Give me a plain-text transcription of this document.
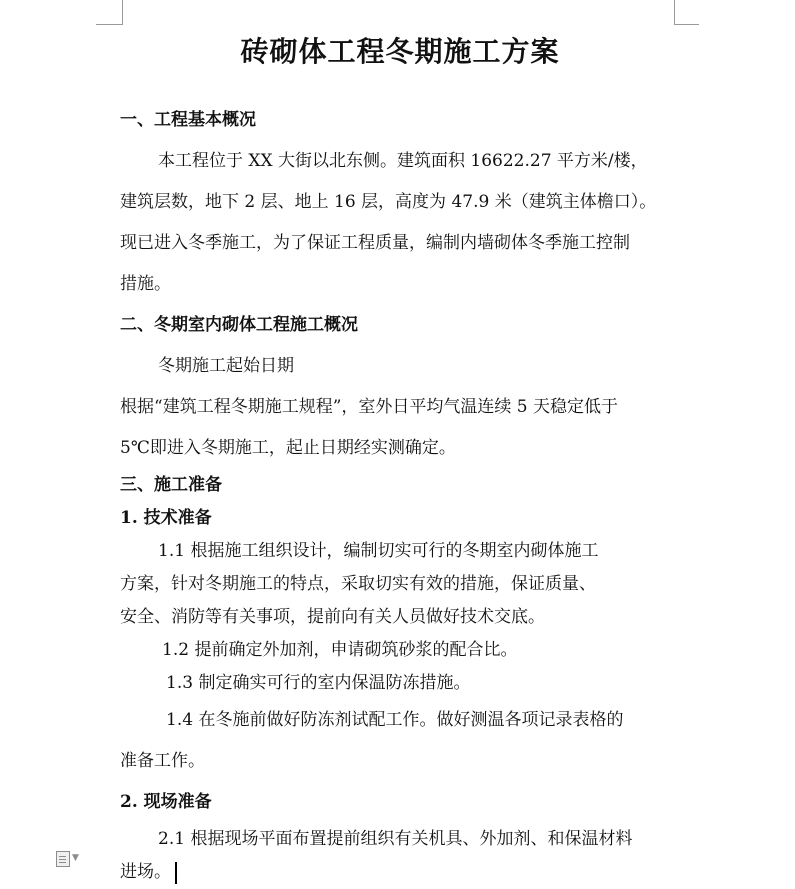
砖砌体工程冬期施工方案

一、工程基本概况

本工程位于 XX 大街以北东侧。建筑面积 16622.27 平方米/楼，

建筑层数，地下 2 层、地上 16 层，高度为 47.9 米（建筑主体檐口）。

现已进入冬季施工，为了保证工程质量，编制内墙砌体冬季施工控制

措施。

二、冬期室内砌体工程施工概况

冬期施工起始日期

根据“建筑工程冬期施工规程”，室外日平均气温连续 5 天稳定低于

5℃即进入冬期施工，起止日期经实测确定。

三、施工准备

1. 技术准备

1.1 根据施工组织设计，编制切实可行的冬期室内砌体施工

方案，针对冬期施工的特点，采取切实有效的措施，保证质量、

安全、消防等有关事项，提前向有关人员做好技术交底。

1.2 提前确定外加剂，申请砌筑砂浆的配合比。

1.3 制定确实可行的室内保温防冻措施。

1.4 在冬施前做好防冻剂试配工作。做好测温各项记录表格的

准备工作。

2. 现场准备

2.1 根据现场平面布置提前组织有关机具、外加剂、和保温材料

进场。

▼
